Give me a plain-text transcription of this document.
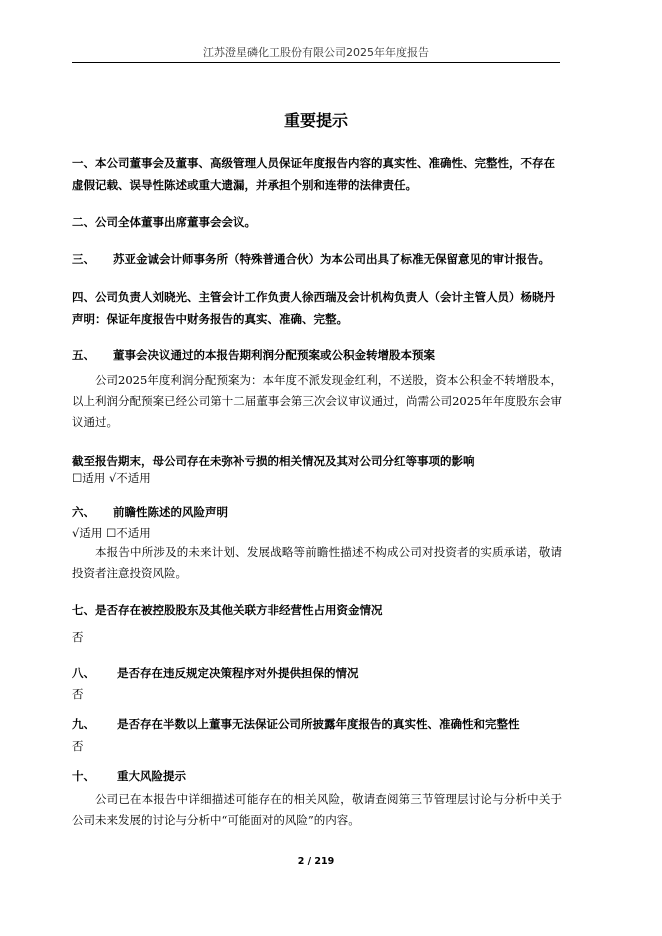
江苏澄星磷化工股份有限公司2025年年度报告
重要提示
一、本公司董事会及董事、高级管理人员保证年度报告内容的真实性、准确性、完整性，不存在虚假记载、误导性陈述或重大遗漏，并承担个别和连带的法律责任。
二、公司全体董事出席董事会会议。
三、 苏亚金诚会计师事务所（特殊普通合伙）为本公司出具了标准无保留意见的审计报告。
四、公司负责人刘晓光、主管会计工作负责人徐西瑞及会计机构负责人（会计主管人员）杨晓丹声明：保证年度报告中财务报告的真实、准确、完整。
五、 董事会决议通过的本报告期利润分配预案或公积金转增股本预案
公司2025年度利润分配预案为：本年度不派发现金红利，不送股，资本公积金不转增股本，以上利润分配预案已经公司第十二届董事会第三次会议审议通过，尚需公司2025年年度股东会审议通过。
截至报告期末，母公司存在未弥补亏损的相关情况及其对公司分红等事项的影响
☐适用 √不适用
六、 前瞻性陈述的风险声明
√适用 ☐不适用
本报告中所涉及的未来计划、发展战略等前瞻性描述不构成公司对投资者的实质承诺，敬请投资者注意投资风险。
七、是否存在被控股股东及其他关联方非经营性占用资金情况
否
八、 是否存在违反规定决策程序对外提供担保的情况
否
九、 是否存在半数以上董事无法保证公司所披露年度报告的真实性、准确性和完整性
否
十、 重大风险提示
公司已在本报告中详细描述可能存在的相关风险，敬请查阅第三节管理层讨论与分析中关于公司未来发展的讨论与分析中“可能面对的风险”的内容。
2 / 219
